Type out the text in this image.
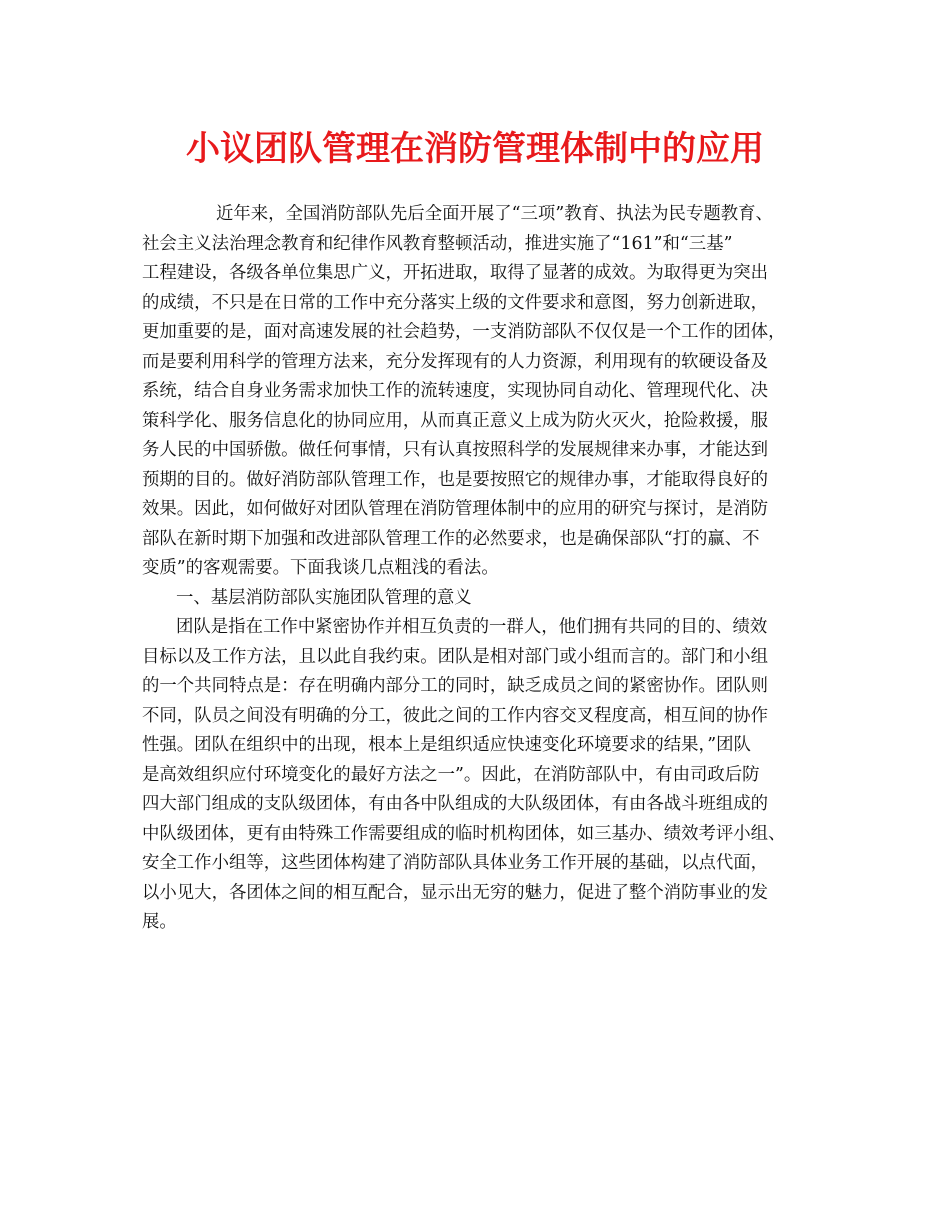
小议团队管理在消防管理体制中的应用

近年来，全国消防部队先后全面开展了“三项”教育、执法为民专题教育、

社会主义法治理念教育和纪律作风教育整顿活动，推进实施了“161”和“三基”

工程建设，各级各单位集思广义，开拓进取，取得了显著的成效。为取得更为突出

的成绩，不只是在日常的工作中充分落实上级的文件要求和意图，努力创新进取，

更加重要的是，面对高速发展的社会趋势，一支消防部队不仅仅是一个工作的团体，

而是要利用科学的管理方法来，充分发挥现有的人力资源，利用现有的软硬设备及

系统，结合自身业务需求加快工作的流转速度，实现协同自动化、管理现代化、决

策科学化、服务信息化的协同应用，从而真正意义上成为防火灭火，抢险救援，服

务人民的中国骄傲。做任何事情，只有认真按照科学的发展规律来办事，才能达到

预期的目的。做好消防部队管理工作，也是要按照它的规律办事，才能取得良好的

效果。因此，如何做好对团队管理在消防管理体制中的应用的研究与探讨，是消防

部队在新时期下加强和改进部队管理工作的必然要求，也是确保部队“打的赢、不

变质”的客观需要。下面我谈几点粗浅的看法。

一、基层消防部队实施团队管理的意义

团队是指在工作中紧密协作并相互负责的一群人，他们拥有共同的目的、绩效

目标以及工作方法，且以此自我约束。团队是相对部门或小组而言的。部门和小组

的一个共同特点是：存在明确内部分工的同时，缺乏成员之间的紧密协作。团队则

不同，队员之间没有明确的分工，彼此之间的工作内容交叉程度高，相互间的协作

性强。团队在组织中的出现，根本上是组织适应快速变化环境要求的结果，”团队

是高效组织应付环境变化的最好方法之一”。因此，在消防部队中，有由司政后防

四大部门组成的支队级团体，有由各中队组成的大队级团体，有由各战斗班组成的

中队级团体，更有由特殊工作需要组成的临时机构团体，如三基办、绩效考评小组、

安全工作小组等，这些团体构建了消防部队具体业务工作开展的基础，以点代面，

以小见大，各团体之间的相互配合，显示出无穷的魅力，促进了整个消防事业的发

展。
